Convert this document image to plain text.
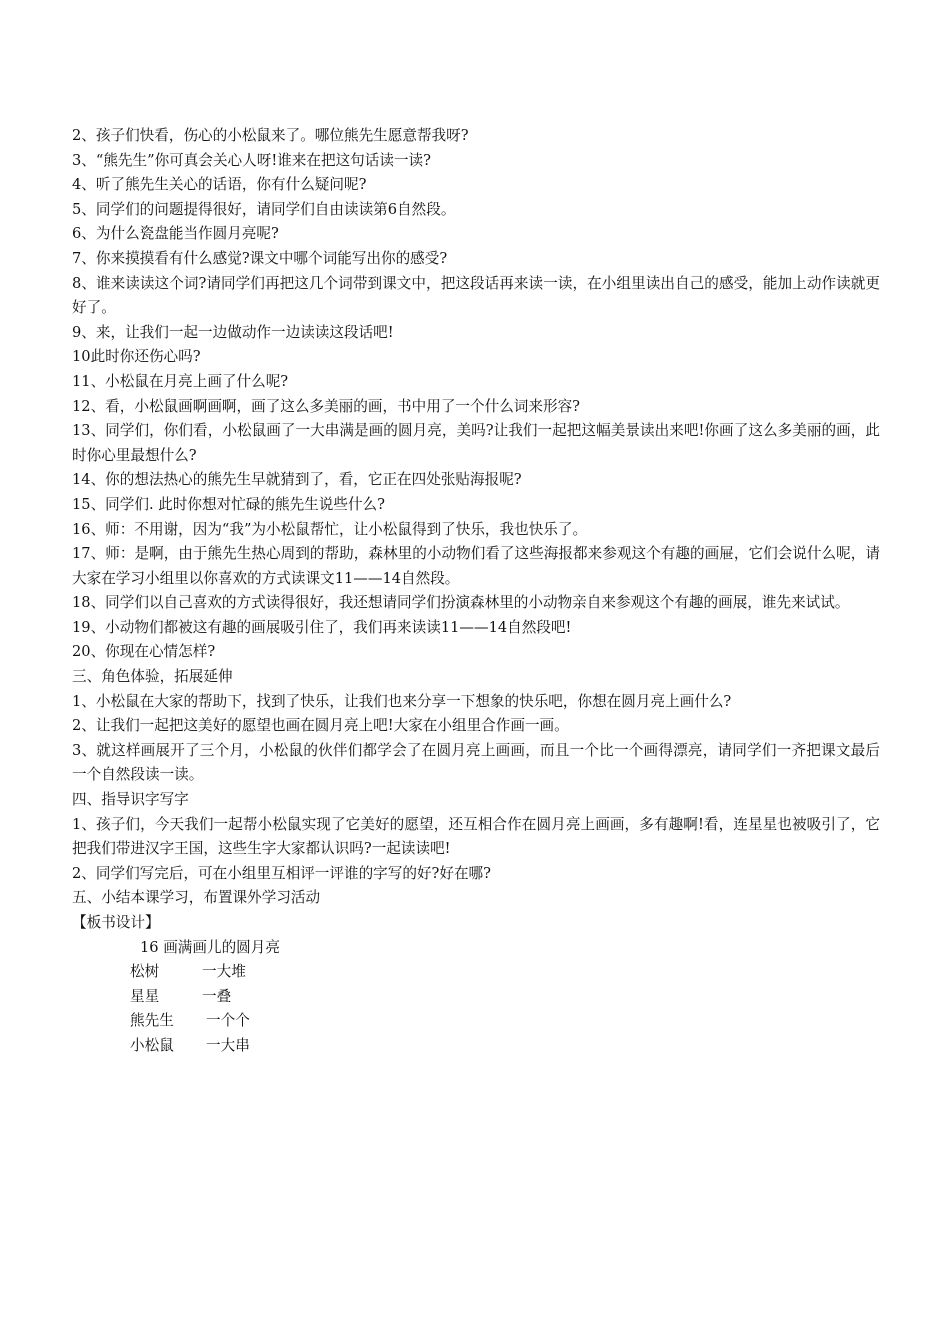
2、孩子们快看，伤心的小松鼠来了。哪位熊先生愿意帮我呀?

3、“熊先生”你可真会关心人呀!谁来在把这句话读一读?

4、听了熊先生关心的话语，你有什么疑问呢?

5、同学们的问题提得很好，请同学们自由读读第6自然段。

6、为什么瓷盘能当作圆月亮呢?

7、你来摸摸看有什么感觉?课文中哪个词能写出你的感受?

8、谁来读读这个词?请同学们再把这几个词带到课文中，把这段话再来读一读，在小组里读出自己的感受，能加上动作读就更好了。

9、来，让我们一起一边做动作一边读读这段话吧!

10此时你还伤心吗?

11、小松鼠在月亮上画了什么呢?

12、看，小松鼠画啊画啊，画了这么多美丽的画，书中用了一个什么词来形容?

13、同学们，你们看，小松鼠画了一大串满是画的圆月亮，美吗?让我们一起把这幅美景读出来吧!你画了这么多美丽的画，此时你心里最想什么?

14、你的想法热心的熊先生早就猜到了，看，它正在四处张贴海报呢?

15、同学们. 此时你想对忙碌的熊先生说些什么?

16、师：不用谢，因为“我”为小松鼠帮忙，让小松鼠得到了快乐，我也快乐了。

17、师：是啊，由于熊先生热心周到的帮助，森林里的小动物们看了这些海报都来参观这个有趣的画屉，它们会说什么呢，请大家在学习小组里以你喜欢的方式读课文11——14自然段。

18、同学们以自己喜欢的方式读得很好，我还想请同学们扮演森林里的小动物亲自来参观这个有趣的画展，谁先来试试。

19、小动物们都被这有趣的画展吸引住了，我们再来读读11——14自然段吧!

20、你现在心情怎样?

三、角色体验，拓展延伸

1、小松鼠在大家的帮助下，找到了快乐，让我们也来分享一下想象的快乐吧，你想在圆月亮上画什么?

2、让我们一起把这美好的愿望也画在圆月亮上吧!大家在小组里合作画一画。

3、就这样画展开了三个月，小松鼠的伙伴们都学会了在圆月亮上画画，而且一个比一个画得漂亮，请同学们一齐把课文最后一个自然段读一读。

四、指导识字写字

1、孩子们，今天我们一起帮小松鼠实现了它美好的愿望，还互相合作在圆月亮上画画，多有趣啊!看，连星星也被吸引了，它把我们带进汉字王国，这些生字大家都认识吗?一起读读吧!

2、同学们写完后，可在小组里互相评一评谁的字写的好?好在哪?

五、小结本课学习，布置课外学习活动

【板书设计】

16 画满画儿的圆月亮
松树	一大堆
星星	一叠
熊先生	一个个
小松鼠	一大串
